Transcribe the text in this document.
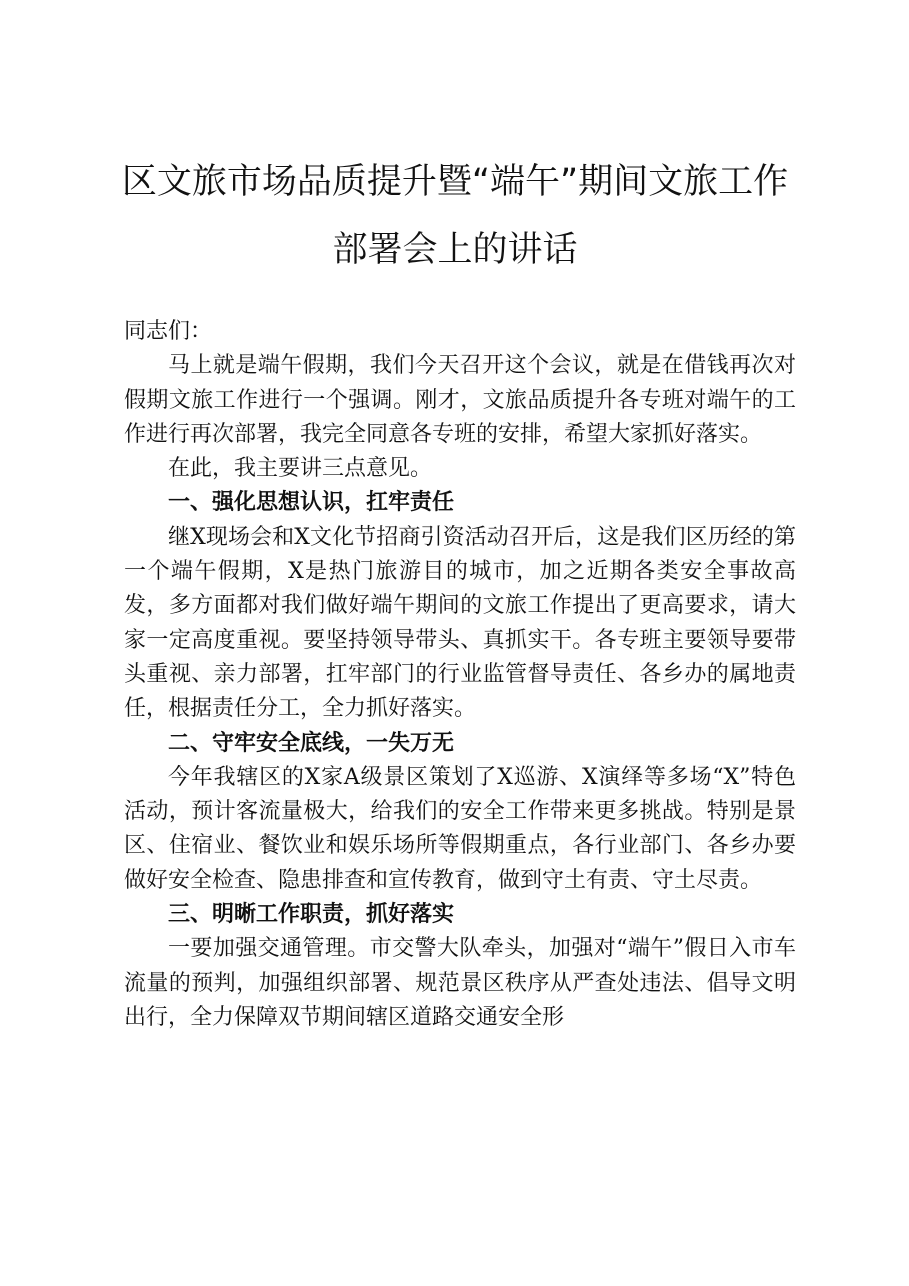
区文旅市场品质提升暨“端午”期间文旅工作
部署会上的讲话

同志们：

马上就是端午假期，我们今天召开这个会议，就是在借钱再次对假期文旅工作进行一个强调。刚才，文旅品质提升各专班对端午的工作进行再次部署，我完全同意各专班的安排，希望大家抓好落实。

在此，我主要讲三点意见。

一、强化思想认识，扛牢责任

继X现场会和X文化节招商引资活动召开后，这是我们区历经的第一个端午假期，X是热门旅游目的城市，加之近期各类安全事故高发，多方面都对我们做好端午期间的文旅工作提出了更高要求，请大家一定高度重视。要坚持领导带头、真抓实干。各专班主要领导要带头重视、亲力部署，扛牢部门的行业监管督导责任、各乡办的属地责任，根据责任分工，全力抓好落实。

二、守牢安全底线，一失万无

今年我辖区的X家A级景区策划了X巡游、X演绎等多场“X”特色活动，预计客流量极大，给我们的安全工作带来更多挑战。特别是景区、住宿业、餐饮业和娱乐场所等假期重点，各行业部门、各乡办要做好安全检查、隐患排查和宣传教育，做到守土有责、守土尽责。

三、明晰工作职责，抓好落实

一要加强交通管理。市交警大队牵头，加强对“端午”假日入市车流量的预判，加强组织部署、规范景区秩序从严查处违法、倡导文明出行，全力保障双节期间辖区道路交通安全形
